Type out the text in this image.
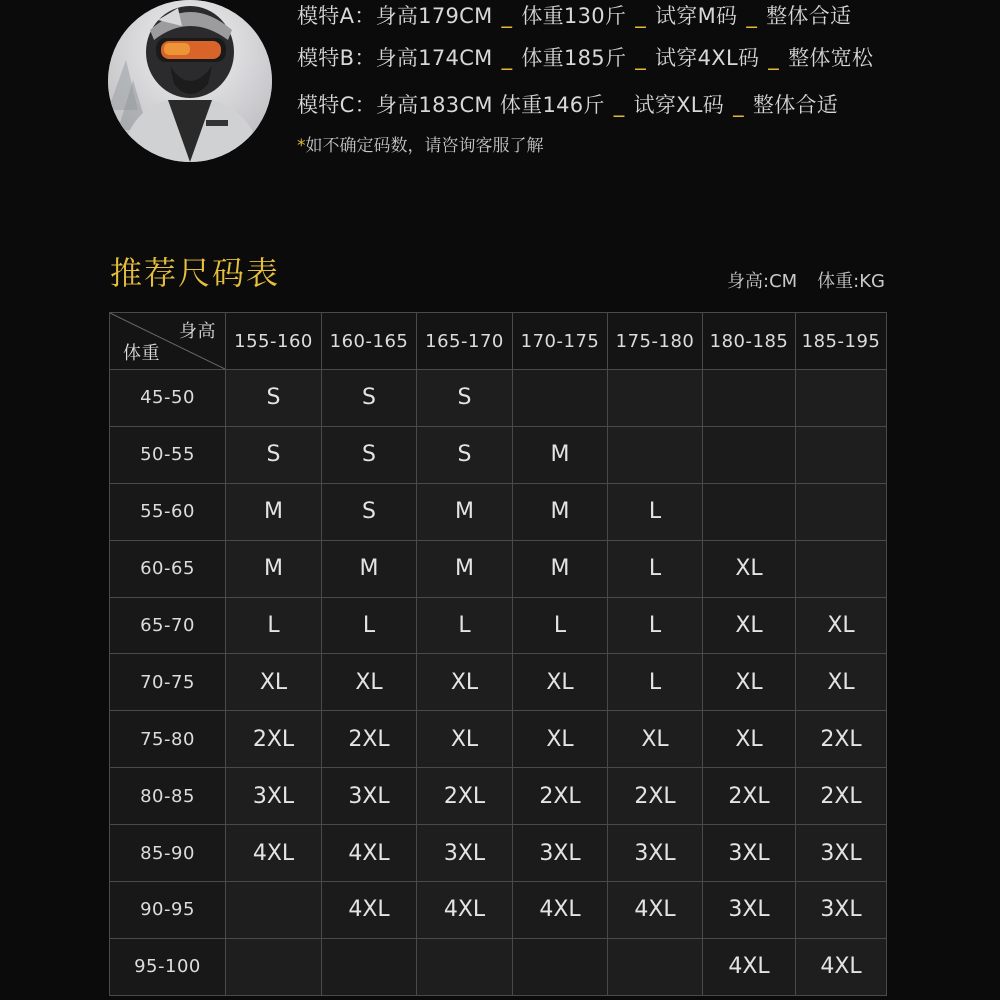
模特A：身高179CM _ 体重130斤 _ 试穿M码 _ 整体合适
模特B：身高174CM _ 体重185斤 _ 试穿4XL码 _ 整体宽松
模特C：身高183CM 体重146斤 _ 试穿XL码 _ 整体合适
*如不确定码数，请咨询客服了解
推荐尺码表	身高:CM 体重:KG
身高
体重	155-160	160-165	165-170	170-175	175-180	180-185	185-195
45-50	S	S	S				
50-55	S	S	S	M			
55-60	M	S	M	M	L		
60-65	M	M	M	M	L	XL	
65-70	L	L	L	L	L	XL	XL
70-75	XL	XL	XL	XL	L	XL	XL
75-80	2XL	2XL	XL	XL	XL	XL	2XL
80-85	3XL	3XL	2XL	2XL	2XL	2XL	2XL
85-90	4XL	4XL	3XL	3XL	3XL	3XL	3XL
90-95		4XL	4XL	4XL	4XL	3XL	3XL
95-100						4XL	4XL
